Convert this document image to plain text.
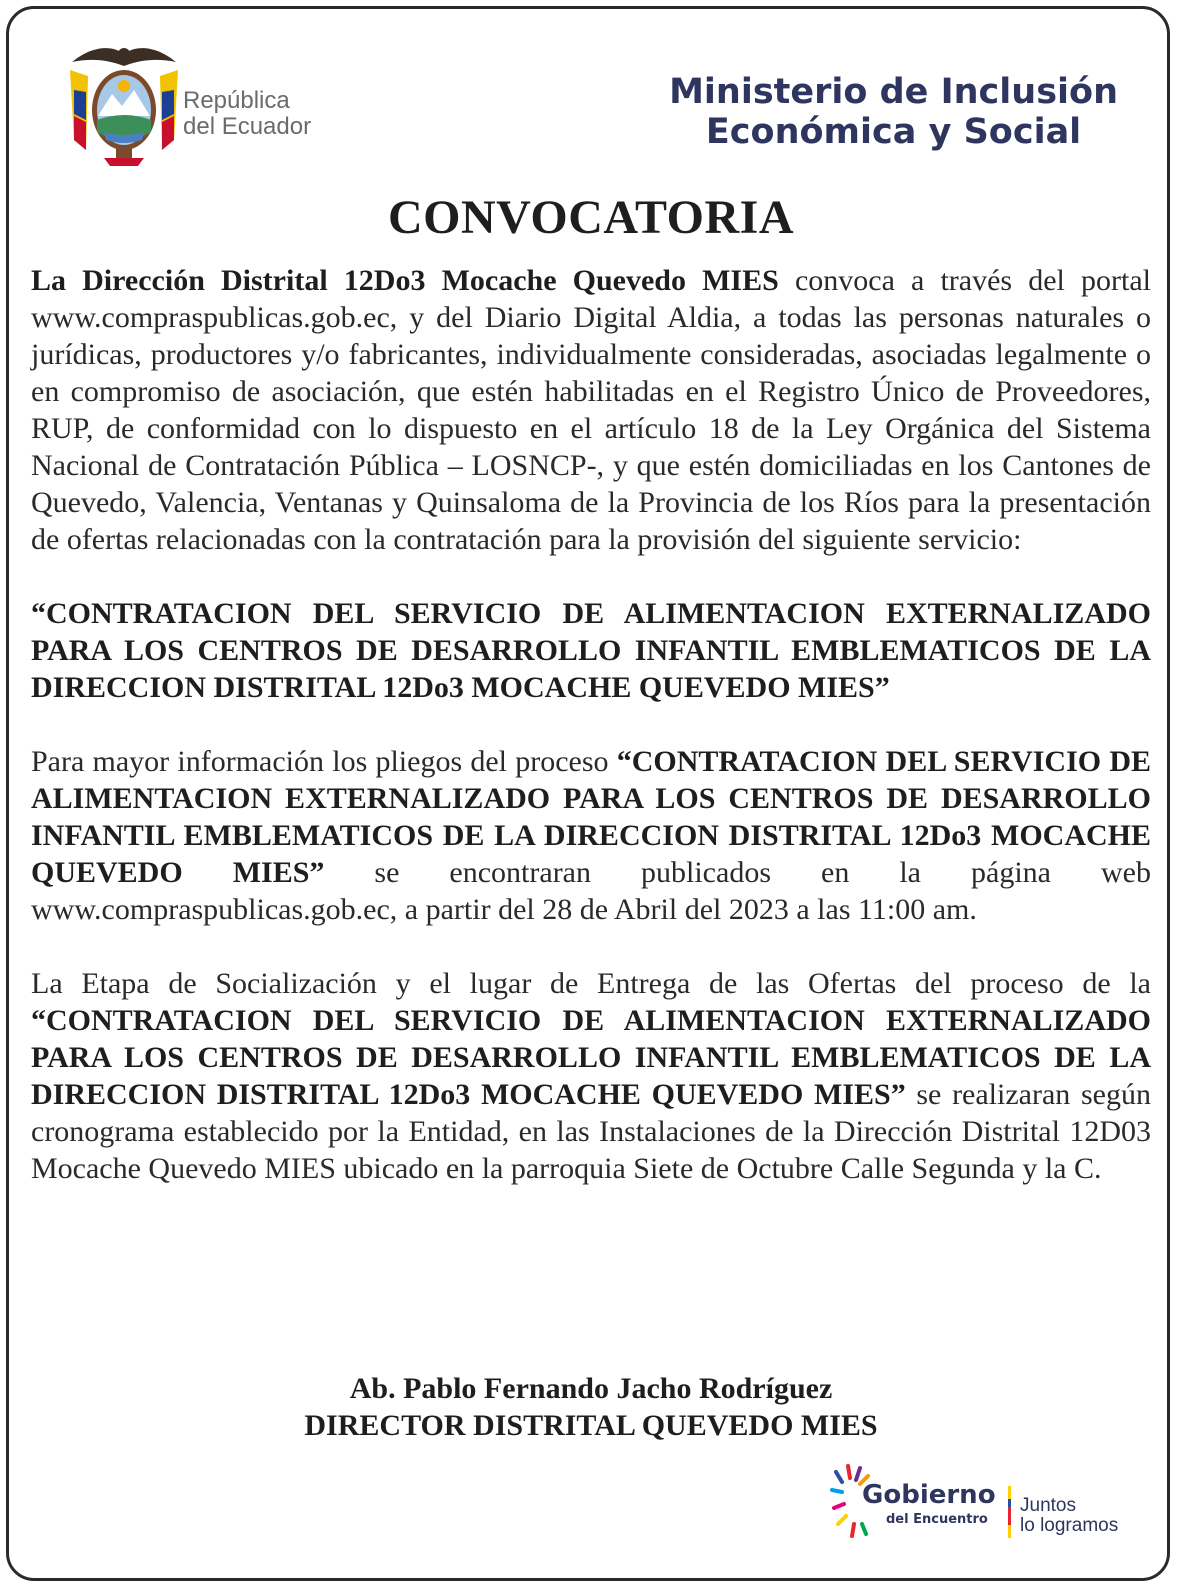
República
del Ecuador
Ministerio de Inclusión
Económica y Social
CONVOCATORIA

La Dirección Distrital 12Do3 Mocache Quevedo MIES convoca a través del portal www.compraspublicas.gob.ec, y del Diario Digital Aldia, a todas las personas naturales o jurídicas, productores y/o fabricantes, individualmente consideradas, asociadas legalmente o en compromiso de asociación, que estén habilitadas en el Registro Único de Proveedores, RUP, de conformidad con lo dispuesto en el artículo 18 de la Ley Orgánica del Sistema Nacional de Contratación Pública – LOSNCP-, y que estén domiciliadas en los Cantones de Quevedo, Valencia, Ventanas y Quinsaloma de la Provincia de los Ríos para la presentación de ofertas relacionadas con la contratación para la provisión del siguiente servicio:

“CONTRATACION DEL SERVICIO DE ALIMENTACION EXTERNALIZADO PARA LOS CENTROS DE DESARROLLO INFANTIL EMBLEMATICOS DE LA DIRECCION DISTRITAL 12Do3 MOCACHE QUEVEDO MIES”

Para mayor información los pliegos del proceso “CONTRATACION DEL SERVICIO DE ALIMENTACION EXTERNALIZADO PARA LOS CENTROS DE DESARROLLO INFANTIL EMBLEMATICOS DE LA DIRECCION DISTRITAL 12Do3 MOCACHE QUEVEDO MIES” se encontraran publicados en la página web www.compraspublicas.gob.ec, a partir del 28 de Abril del 2023 a las 11:00 am.

La Etapa de Socialización y el lugar de Entrega de las Ofertas del proceso de la “CONTRATACION DEL SERVICIO DE ALIMENTACION EXTERNALIZADO PARA LOS CENTROS DE DESARROLLO INFANTIL EMBLEMATICOS DE LA DIRECCION DISTRITAL 12Do3 MOCACHE QUEVEDO MIES” se realizaran según cronograma establecido por la Entidad, en las Instalaciones de la Dirección Distrital 12D03 Mocache Quevedo MIES ubicado en la parroquia Siete de Octubre Calle Segunda y la C.

Ab. Pablo Fernando Jacho Rodríguez
DIRECTOR DISTRITAL QUEVEDO MIES
Gobierno
del Encuentro
Juntos
lo logramos
